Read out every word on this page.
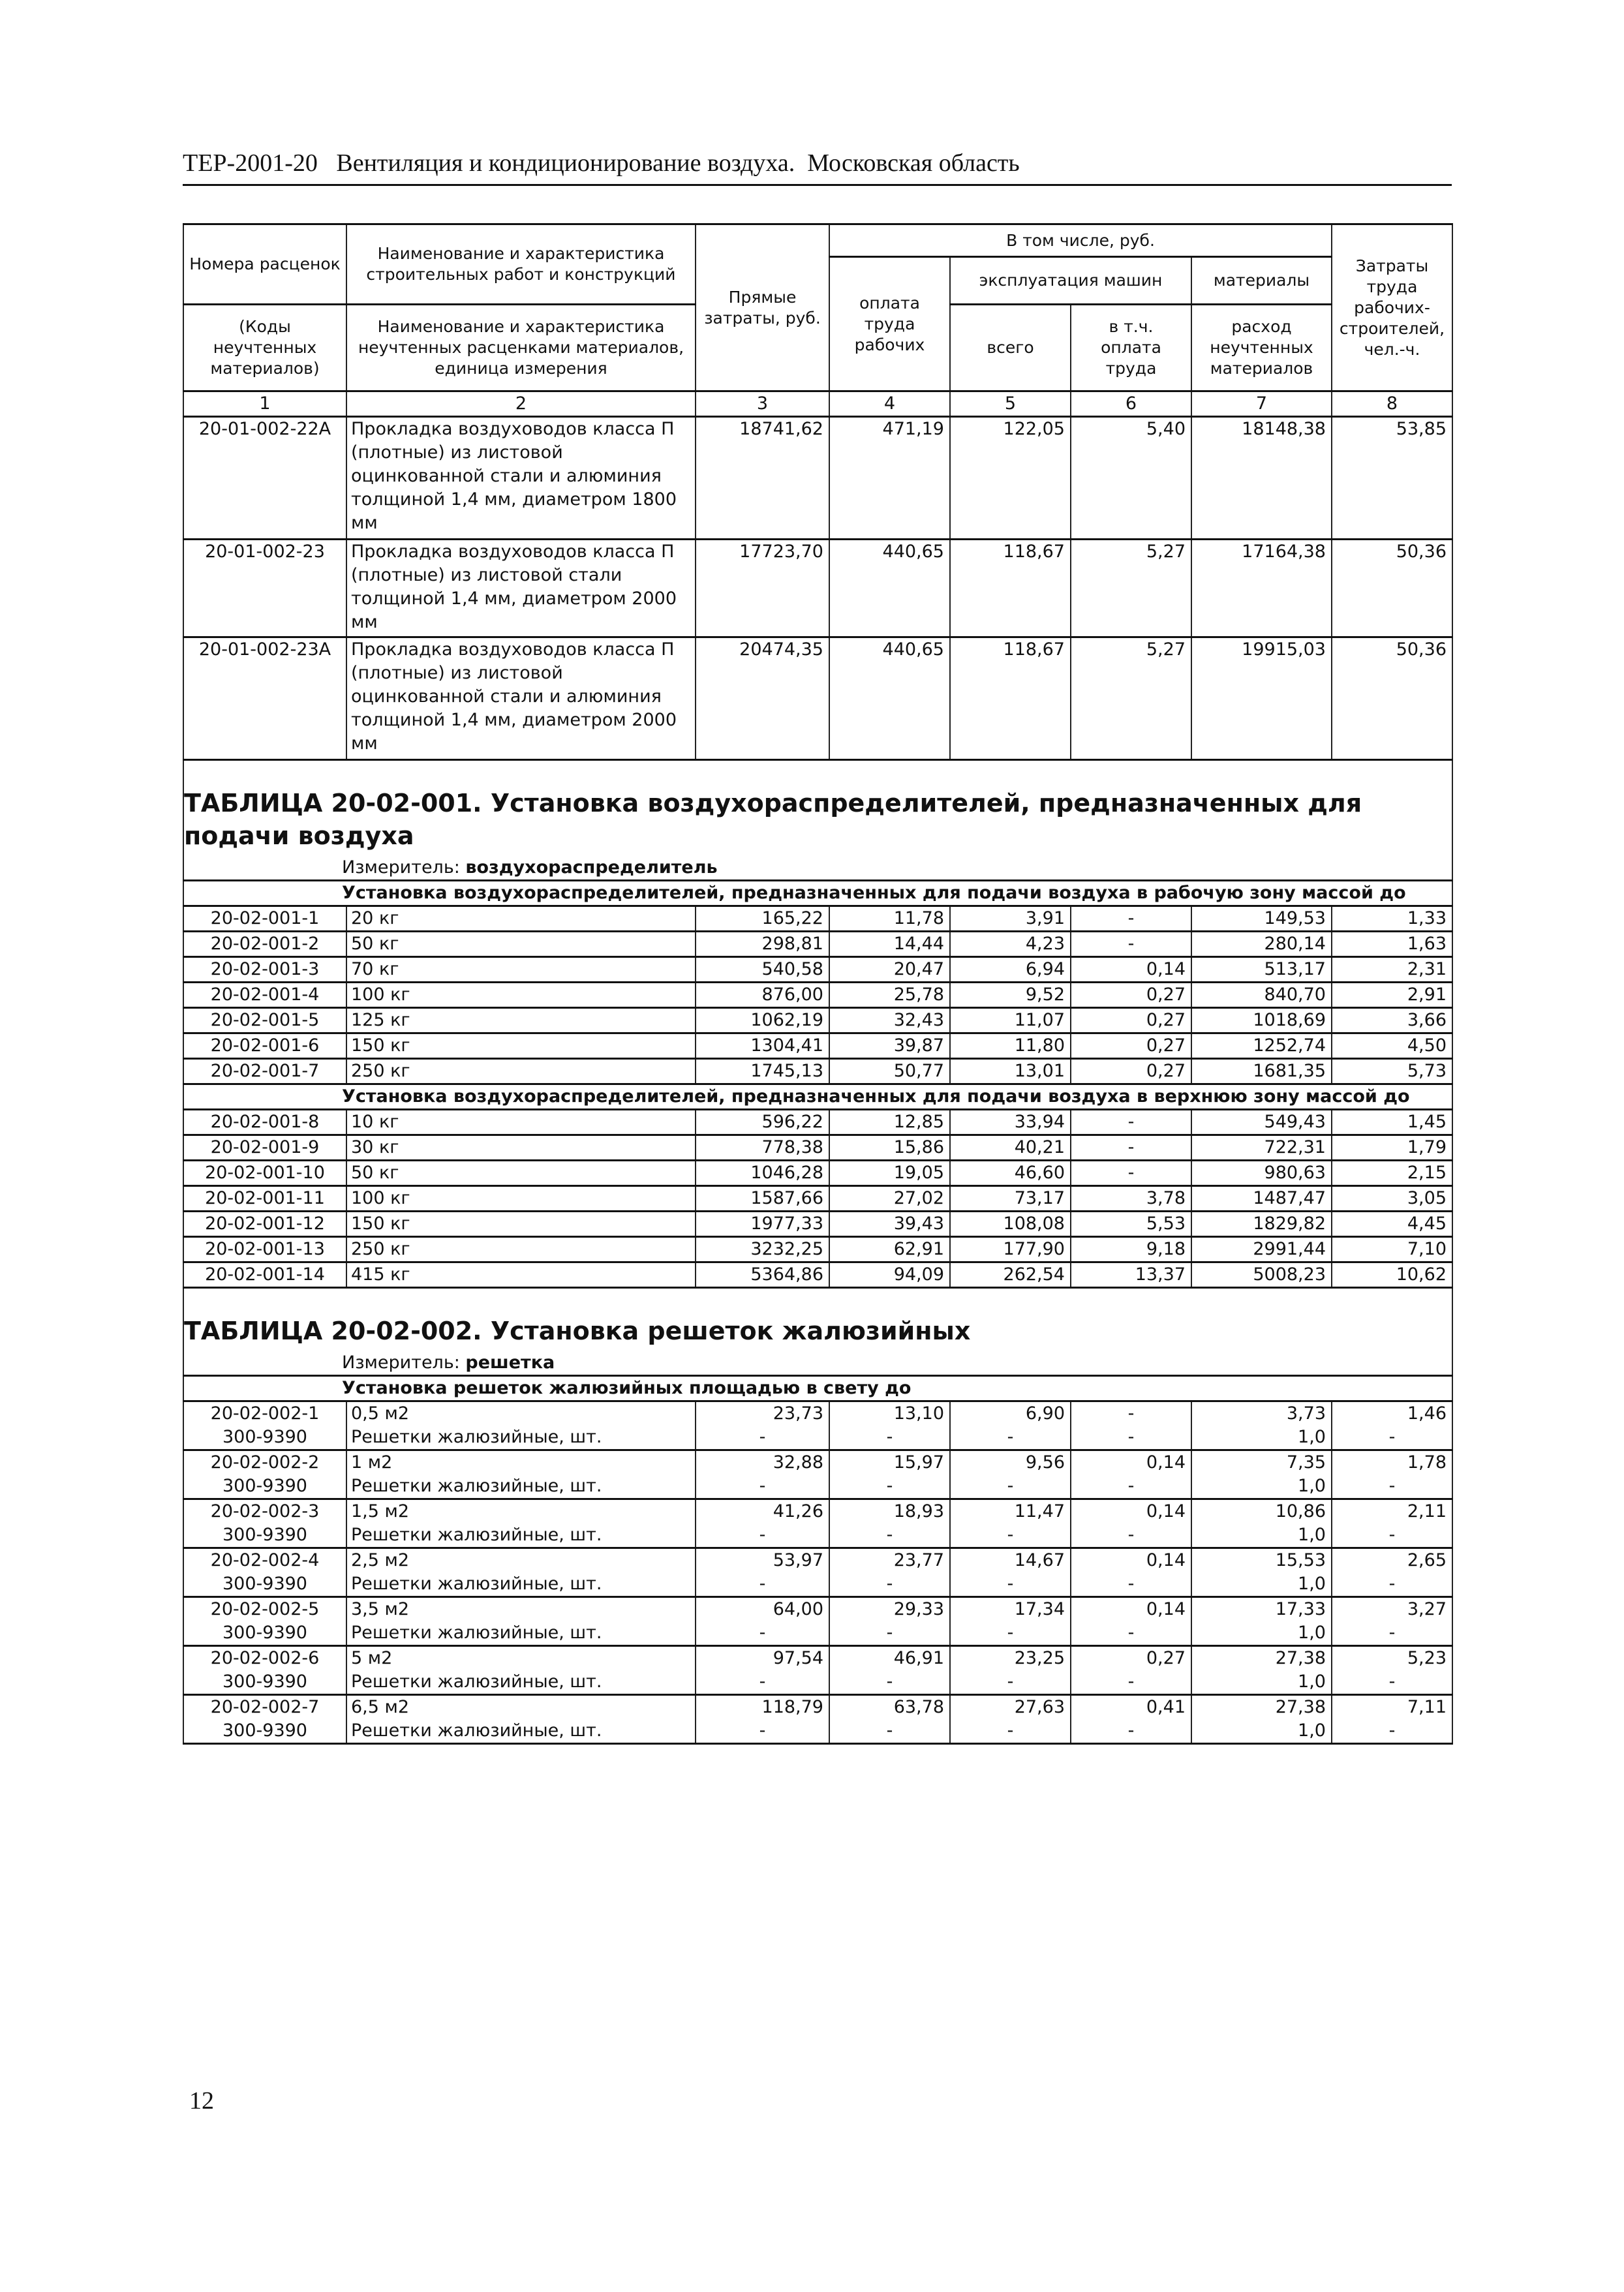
ТЕР-2001-20   Вентиляция и кондиционирование воздуха.  Московская область
Номера расценок	Наименование и характеристика строительных работ и конструкций	Прямые затраты, руб.	В том числе, руб.				Затраты труда рабочих-строителей, чел.-ч.
			оплата труда рабочих	эксплуатация машин		материалы	
(Коды неучтенных материалов)	Наименование и характеристика неучтенных расценками материалов, единица измерения			всего	в т.ч. оплата труда	расход неучтенных материалов	

1	2	3	4	5	6	7	8
20-01-002-22А	Прокладка воздуховодов класса П (плотные) из листовой оцинкованной стали и алюминия толщиной 1,4 мм, диаметром 1800 мм	18741,62	471,19	122,05	5,40	18148,38	53,85
20-01-002-23	Прокладка воздуховодов класса П (плотные) из листовой стали толщиной 1,4 мм, диаметром 2000 мм	17723,70	440,65	118,67	5,27	17164,38	50,36
20-01-002-23А	Прокладка воздуховодов класса П (плотные) из листовой оцинкованной стали и алюминия толщиной 1,4 мм, диаметром 2000 мм	20474,35	440,65	118,67	5,27	19915,03	50,36
ТАБЛИЦА 20-02-001. Установка воздухораспределителей, предназначенных для подачи воздуха							
Измеритель: воздухораспределитель							
Установка воздухораспределителей, предназначенных для подачи воздуха в рабочую зону массой до							
20-02-001-1	20 кг	165,22	11,78	3,91	-	149,53	1,33
20-02-001-2	50 кг	298,81	14,44	4,23	-	280,14	1,63
20-02-001-3	70 кг	540,58	20,47	6,94	0,14	513,17	2,31
20-02-001-4	100 кг	876,00	25,78	9,52	0,27	840,70	2,91
20-02-001-5	125 кг	1062,19	32,43	11,07	0,27	1018,69	3,66
20-02-001-6	150 кг	1304,41	39,87	11,80	0,27	1252,74	4,50
20-02-001-7	250 кг	1745,13	50,77	13,01	0,27	1681,35	5,73
Установка воздухораспределителей, предназначенных для подачи воздуха в верхнюю зону массой до							
20-02-001-8	10 кг	596,22	12,85	33,94	-	549,43	1,45
20-02-001-9	30 кг	778,38	15,86	40,21	-	722,31	1,79
20-02-001-10	50 кг	1046,28	19,05	46,60	-	980,63	2,15
20-02-001-11	100 кг	1587,66	27,02	73,17	3,78	1487,47	3,05
20-02-001-12	150 кг	1977,33	39,43	108,08	5,53	1829,82	4,45
20-02-001-13	250 кг	3232,25	62,91	177,90	9,18	2991,44	7,10
20-02-001-14	415 кг	5364,86	94,09	262,54	13,37	5008,23	10,62
ТАБЛИЦА 20-02-002. Установка решеток жалюзийных							
Измеритель: решетка							
Установка решеток жалюзийных площадью в свету до							
20-02-002-1	0,5 м2	23,73	13,10	6,90	-	3,73	1,46
300-9390	Решетки жалюзийные, шт.	-	-	-	-	1,0	-
20-02-002-2	1 м2	32,88	15,97	9,56	0,14	7,35	1,78
300-9390	Решетки жалюзийные, шт.	-	-	-	-	1,0	-
20-02-002-3	1,5 м2	41,26	18,93	11,47	0,14	10,86	2,11
300-9390	Решетки жалюзийные, шт.	-	-	-	-	1,0	-
20-02-002-4	2,5 м2	53,97	23,77	14,67	0,14	15,53	2,65
300-9390	Решетки жалюзийные, шт.	-	-	-	-	1,0	-
20-02-002-5	3,5 м2	64,00	29,33	17,34	0,14	17,33	3,27
300-9390	Решетки жалюзийные, шт.	-	-	-	-	1,0	-
20-02-002-6	5 м2	97,54	46,91	23,25	0,27	27,38	5,23
300-9390	Решетки жалюзийные, шт.	-	-	-	-	1,0	-
20-02-002-7	6,5 м2	118,79	63,78	27,63	0,41	27,38	7,11
300-9390	Решетки жалюзийные, шт.	-	-	-	-	1,0	-
12
